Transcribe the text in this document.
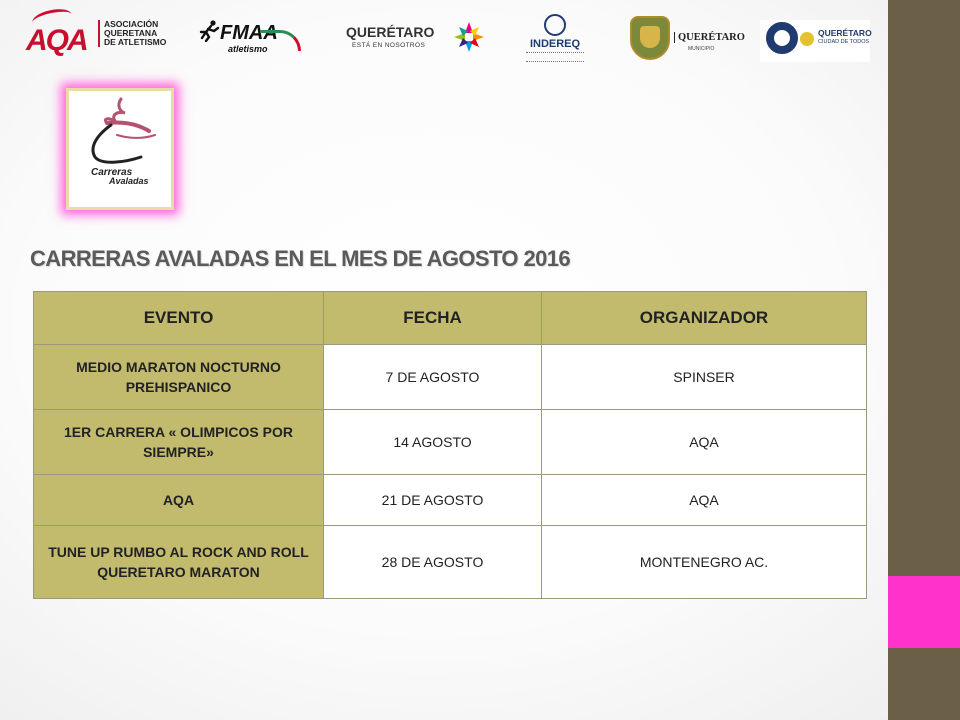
AQA ASOCIACIÓN
QUERETANA
DE ATLETISMO	FMAA
atletismo
QUERÉTARO
ESTÁ EN NOSOTROS	INDEREQ
QUERÉTARO
MUNICIPIO
QUERÉTARO
CIUDAD DE TODOS
Carreras
Avaladas
CARRERAS AVALADAS EN EL MES DE AGOSTO 2016
EVENTO	FECHA	ORGANIZADOR
MEDIO MARATON NOCTURNO PREHISPANICO	7 DE AGOSTO	SPINSER
1ER CARRERA « OLIMPICOS POR SIEMPRE»	14 AGOSTO	AQA
AQA	21 DE AGOSTO	AQA
TUNE UP RUMBO AL ROCK AND ROLL QUERETARO MARATON	28 DE AGOSTO	MONTENEGRO AC.
